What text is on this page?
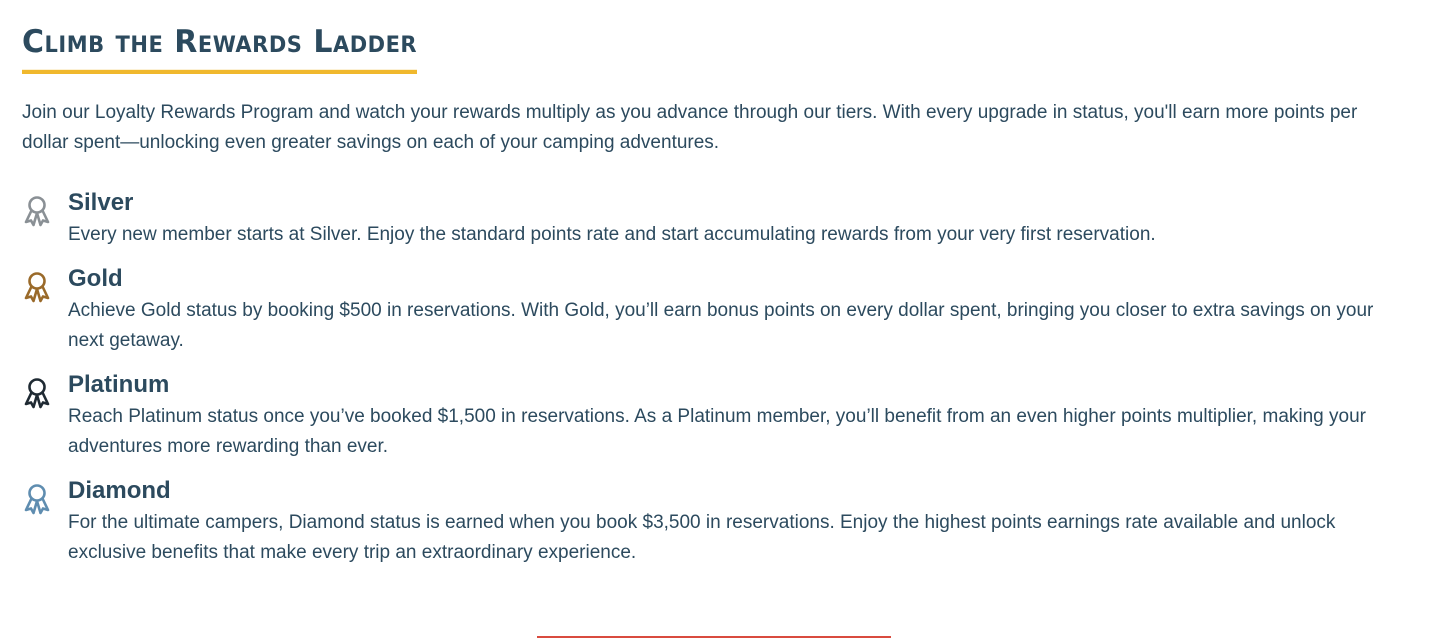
Climb the Rewards Ladder

Join our Loyalty Rewards Program and watch your rewards multiply as you advance through our tiers. With every upgrade in status, you'll earn more points per dollar spent—unlocking even greater savings on each of your camping adventures.

Silver

Every new member starts at Silver. Enjoy the standard points rate and start accumulating rewards from your very first reservation.

Gold

Achieve Gold status by booking $500 in reservations. With Gold, you’ll earn bonus points on every dollar spent, bringing you closer to extra savings on your next getaway.

Platinum

Reach Platinum status once you’ve booked $1,500 in reservations. As a Platinum member, you’ll benefit from an even higher points multiplier, making your adventures more rewarding than ever.

Diamond

For the ultimate campers, Diamond status is earned when you book $3,500 in reservations. Enjoy the highest points earnings rate available and unlock exclusive benefits that make every trip an extraordinary experience.
